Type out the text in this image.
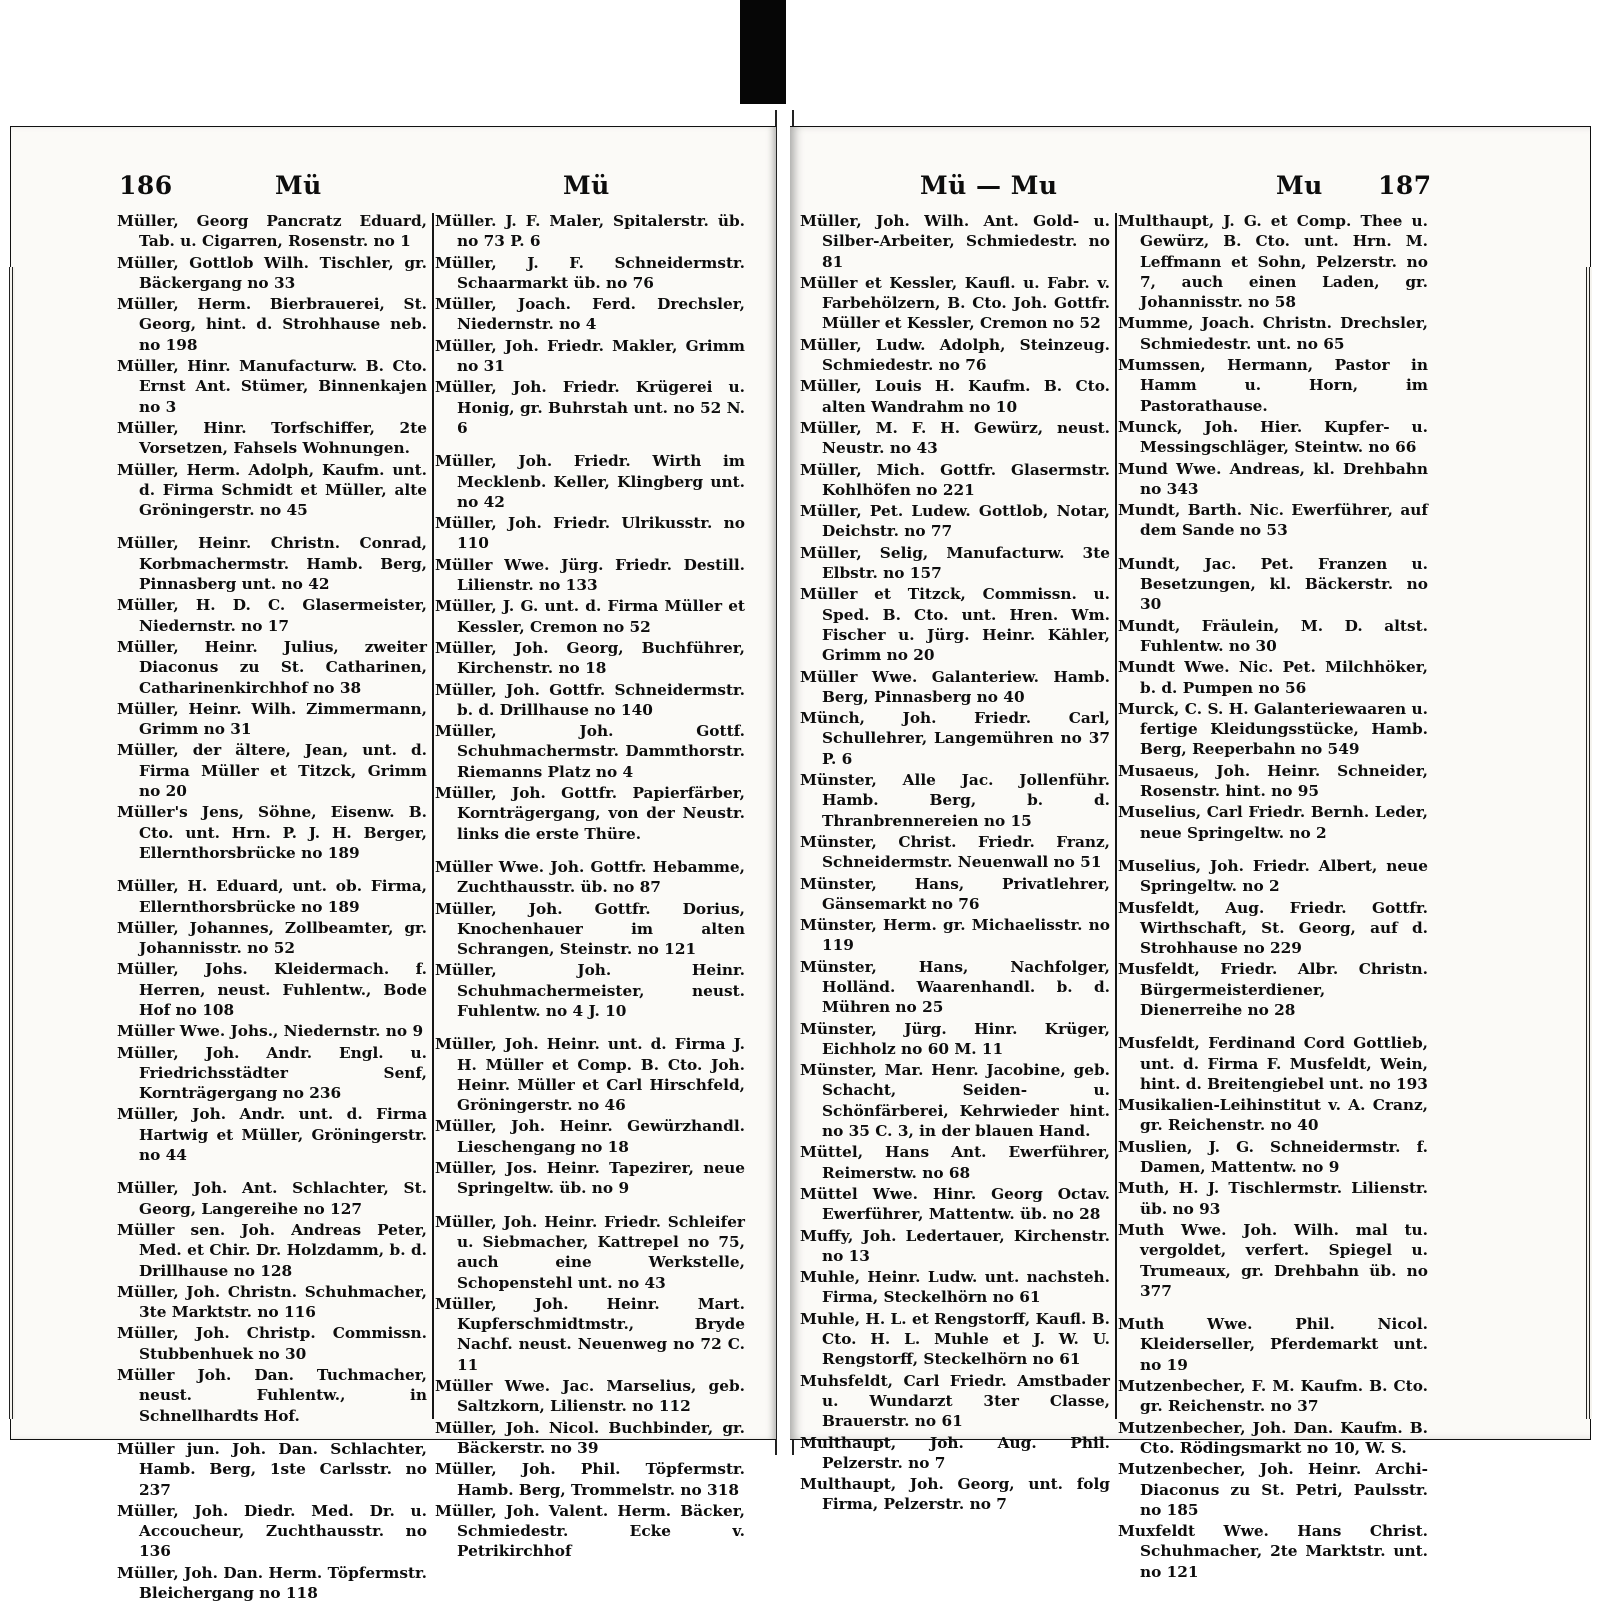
186	Mü	Mü
Müller, Georg Pancratz Eduard, Tab. u. Cigarren, Rosenstr. no 1
Müller, Gottlob Wilh. Tischler, gr. Bäckergang no 33
Müller, Herm. Bierbrauerei, St. Georg, hint. d. Strohhause neb. no 198
Müller, Hinr. Manufacturw. B. Cto. Ernst Ant. Stümer, Binnenkajen no 3
Müller, Hinr. Torfschiffer, 2te Vorsetzen, Fahsels Wohnungen.
Müller, Herm. Adolph, Kaufm. unt. d. Firma Schmidt et Müller, alte Gröningerstr. no 45
Müller, Heinr. Christn. Conrad, Korbmachermstr. Hamb. Berg, Pinnasberg unt. no 42
Müller, H. D. C. Glasermeister, Niedernstr. no 17
Müller, Heinr. Julius, zweiter Diaconus zu St. Catharinen, Catharinenkirchhof no 38
Müller, Heinr. Wilh. Zimmermann, Grimm no 31
Müller, der ältere, Jean, unt. d. Firma Müller et Titzck, Grimm no 20
Müller's Jens, Söhne, Eisenw. B. Cto. unt. Hrn. P. J. H. Berger, Ellernthorsbrücke no 189
Müller, H. Eduard, unt. ob. Firma, Ellernthorsbrücke no 189
Müller, Johannes, Zollbeamter, gr. Johannisstr. no 52
Müller, Johs. Kleidermach. f. Herren, neust. Fuhlentw., Bode Hof no 108
Müller Wwe. Johs., Niedernstr. no 9
Müller, Joh. Andr. Engl. u. Friedrichsstädter Senf, Kornträgergang no 236
Müller, Joh. Andr. unt. d. Firma Hartwig et Müller, Gröningerstr. no 44
Müller, Joh. Ant. Schlachter, St. Georg, Langereihe no 127
Müller sen. Joh. Andreas Peter, Med. et Chir. Dr. Holzdamm, b. d. Drillhause no 128
Müller, Joh. Christn. Schuhmacher, 3te Marktstr. no 116
Müller, Joh. Christp. Commissn. Stubbenhuek no 30
Müller Joh. Dan. Tuchmacher, neust. Fuhlentw., in Schnellhardts Hof.
Müller jun. Joh. Dan. Schlachter, Hamb. Berg, 1ste Carlsstr. no 237
Müller, Joh. Diedr. Med. Dr. u. Accoucheur, Zuchthausstr. no 136
Müller, Joh. Dan. Herm. Töpfermstr. Bleichergang no 118
Müller. J. F. Maler, Spitalerstr. üb. no 73 P. 6
Müller, J. F. Schneidermstr. Schaarmarkt üb. no 76
Müller, Joach. Ferd. Drechsler, Niedernstr. no 4
Müller, Joh. Friedr. Makler, Grimm no 31
Müller, Joh. Friedr. Krügerei u. Honig, gr. Buhrstah unt. no 52 N. 6
Müller, Joh. Friedr. Wirth im Mecklenb. Keller, Klingberg unt. no 42
Müller, Joh. Friedr. Ulrikusstr. no 110
Müller Wwe. Jürg. Friedr. Destill. Lilienstr. no 133
Müller, J. G. unt. d. Firma Müller et Kessler, Cremon no 52
Müller, Joh. Georg, Buchführer, Kirchenstr. no 18
Müller, Joh. Gottfr. Schneidermstr. b. d. Drillhause no 140
Müller, Joh. Gottf. Schuhmachermstr. Dammthorstr. Riemanns Platz no 4
Müller, Joh. Gottfr. Papierfärber, Kornträgergang, von der Neustr. links die erste Thüre.
Müller Wwe. Joh. Gottfr. Hebamme, Zuchthausstr. üb. no 87
Müller, Joh. Gottfr. Dorius, Knochenhauer im alten Schrangen, Steinstr. no 121
Müller, Joh. Heinr. Schuhmachermeister, neust. Fuhlentw. no 4 J. 10
Müller, Joh. Heinr. unt. d. Firma J. H. Müller et Comp. B. Cto. Joh. Heinr. Müller et Carl Hirschfeld, Gröningerstr. no 46
Müller, Joh. Heinr. Gewürzhandl. Lieschengang no 18
Müller, Jos. Heinr. Tapezirer, neue Springeltw. üb. no 9
Müller, Joh. Heinr. Friedr. Schleifer u. Siebmacher, Kattrepel no 75, auch eine Werkstelle, Schopenstehl unt. no 43
Müller, Joh. Heinr. Mart. Kupferschmidtmstr., Bryde Nachf. neust. Neuenweg no 72 C. 11
Müller Wwe. Jac. Marselius, geb. Saltzkorn, Lilienstr. no 112
Müller, Joh. Nicol. Buchbinder, gr. Bäckerstr. no 39
Müller, Joh. Phil. Töpfermstr. Hamb. Berg, Trommelstr. no 318
Müller, Joh. Valent. Herm. Bäcker, Schmiedestr. Ecke v. Petrikirchhof
Mü — Mu	Mu 187
Müller, Joh. Wilh. Ant. Gold- u. Silber-Arbeiter, Schmiedestr. no 81
Müller et Kessler, Kaufl. u. Fabr. v. Farbehölzern, B. Cto. Joh. Gottfr. Müller et Kessler, Cremon no 52
Müller, Ludw. Adolph, Steinzeug. Schmiedestr. no 76
Müller, Louis H. Kaufm. B. Cto. alten Wandrahm no 10
Müller, M. F. H. Gewürz, neust. Neustr. no 43
Müller, Mich. Gottfr. Glasermstr. Kohlhöfen no 221
Müller, Pet. Ludew. Gottlob, Notar, Deichstr. no 77
Müller, Selig, Manufacturw. 3te Elbstr. no 157
Müller et Titzck, Commissn. u. Sped. B. Cto. unt. Hren. Wm. Fischer u. Jürg. Heinr. Kähler, Grimm no 20
Müller Wwe. Galanteriew. Hamb. Berg, Pinnasberg no 40
Münch, Joh. Friedr. Carl, Schullehrer, Langemühren no 37 P. 6
Münster, Alle Jac. Jollenführ. Hamb. Berg, b. d. Thranbrennereien no 15
Münster, Christ. Friedr. Franz, Schneidermstr. Neuenwall no 51
Münster, Hans, Privatlehrer, Gänsemarkt no 76
Münster, Herm. gr. Michaelisstr. no 119
Münster, Hans, Nachfolger, Holländ. Waarenhandl. b. d. Mühren no 25
Münster, Jürg. Hinr. Krüger, Eichholz no 60 M. 11
Münster, Mar. Henr. Jacobine, geb. Schacht, Seiden- u. Schönfärberei, Kehrwieder hint. no 35 C. 3, in der blauen Hand.
Müttel, Hans Ant. Ewerführer, Reimerstw. no 68
Müttel Wwe. Hinr. Georg Octav. Ewerführer, Mattentw. üb. no 28
Muffy, Joh. Ledertauer, Kirchenstr. no 13
Muhle, Heinr. Ludw. unt. nachsteh. Firma, Steckelhörn no 61
Muhle, H. L. et Rengstorff, Kaufl. B. Cto. H. L. Muhle et J. W. U. Rengstorff, Steckelhörn no 61
Muhsfeldt, Carl Friedr. Amstbader u. Wundarzt 3ter Classe, Brauerstr. no 61
Multhaupt, Joh. Aug. Phil. Pelzerstr. no 7
Multhaupt, Joh. Georg, unt. folg Firma, Pelzerstr. no 7
Multhaupt, J. G. et Comp. Thee u. Gewürz, B. Cto. unt. Hrn. M. Leffmann et Sohn, Pelzerstr. no 7, auch einen Laden, gr. Johannisstr. no 58
Mumme, Joach. Christn. Drechsler, Schmiedestr. unt. no 65
Mumssen, Hermann, Pastor in Hamm u. Horn, im Pastorathause.
Munck, Joh. Hier. Kupfer- u. Messingschläger, Steintw. no 66
Mund Wwe. Andreas, kl. Drehbahn no 343
Mundt, Barth. Nic. Ewerführer, auf dem Sande no 53
Mundt, Jac. Pet. Franzen u. Besetzungen, kl. Bäckerstr. no 30
Mundt, Fräulein, M. D. altst. Fuhlentw. no 30
Mundt Wwe. Nic. Pet. Milchhöker, b. d. Pumpen no 56
Murck, C. S. H. Galanteriewaaren u. fertige Kleidungsstücke, Hamb. Berg, Reeperbahn no 549
Musaeus, Joh. Heinr. Schneider, Rosenstr. hint. no 95
Muselius, Carl Friedr. Bernh. Leder, neue Springeltw. no 2
Muselius, Joh. Friedr. Albert, neue Springeltw. no 2
Musfeldt, Aug. Friedr. Gottfr. Wirthschaft, St. Georg, auf d. Strohhause no 229
Musfeldt, Friedr. Albr. Christn. Bürgermeisterdiener, Dienerreihe no 28
Musfeldt, Ferdinand Cord Gottlieb, unt. d. Firma F. Musfeldt, Wein, hint. d. Breitengiebel unt. no 193
Musikalien-Leihinstitut v. A. Cranz, gr. Reichenstr. no 40
Muslien, J. G. Schneidermstr. f. Damen, Mattentw. no 9
Muth, H. J. Tischlermstr. Lilienstr. üb. no 93
Muth Wwe. Joh. Wilh. mal tu. vergoldet, verfert. Spiegel u. Trumeaux, gr. Drehbahn üb. no 377
Muth Wwe. Phil. Nicol. Kleiderseller, Pferdemarkt unt. no 19
Mutzenbecher, F. M. Kaufm. B. Cto. gr. Reichenstr. no 37
Mutzenbecher, Joh. Dan. Kaufm. B. Cto. Rödingsmarkt no 10, W. S.
Mutzenbecher, Joh. Heinr. Archi-Diaconus zu St. Petri, Paulsstr. no 185
Muxfeldt Wwe. Hans Christ. Schuhmacher, 2te Marktstr. unt. no 121
